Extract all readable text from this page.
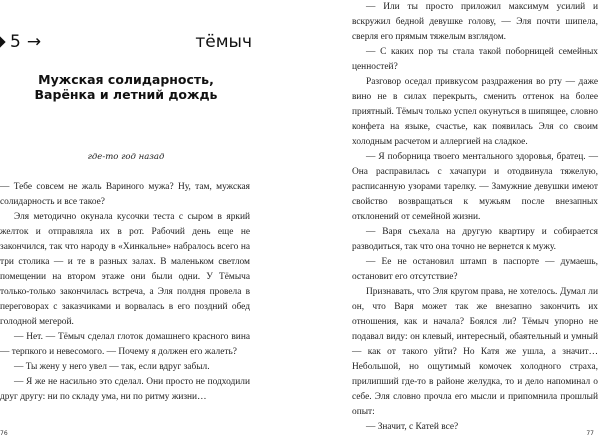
5 →	тёмыч
Мужская солидарность,
Варёнка и летний дождь
где-то год назад

— Тебе совсем не жаль Вариного мужа? Ну, там, мужская солидарность и все такое?

Эля методично окунала кусочки теста с сыром в яркий желток и отправляла их в рот. Рабочий день еще не закончился, так что народу в «Хинкальне» набралось всего на три столика — и те в разных залах. В маленьком светлом помещении на втором этаже они были одни. У Тёмыча только-только закончилась встреча, а Эля полдня провела в переговорах с заказчиками и ворвалась в его поздний обед голодной мегерой.

— Нет. — Тёмыч сделал глоток домашнего красного вина — терпкого и невесомого. — Почему я должен его жалеть?

— Ты жену у него увел — так, если вдруг забыл.

— Я же не насильно это сделал. Они просто не подходили друг другу: ни по складу ума, ни по ритму жизни…

76

— Или ты просто приложил максимум усилий и вскружил бедной девушке голову, — Эля почти шипела, сверля его прямым тяжелым взглядом.

— С каких пор ты стала такой поборницей семейных ценностей?

Разговор оседал привкусом раздражения во рту — даже вино не в силах перекрыть, сменить оттенок на более приятный. Тёмыч только успел окунуться в шипящее, словно конфета на языке, счастье, как появилась Эля со своим холодным расчетом и аллергией на сладкое.

— Я поборница твоего ментального здоровья, братец. — Она расправилась с хачапури и отодвинула тяжелую, расписанную узорами тарелку. — Замужние девушки имеют свойство возвращаться к мужьям после внезапных отклонений от семейной жизни.

— Варя съехала на другую квартиру и собирается разводиться, так что она точно не вернется к мужу.

— Ее не остановил штамп в паспорте — думаешь, остановит его отсутствие?

Признавать, что Эля кругом права, не хотелось. Думал ли он, что Варя может так же внезапно закончить их отношения, как и начала? Боялся ли? Тёмыч упорно не подавал виду: он клевый, интересный, обаятельный и умный — как от такого уйти? Но Катя же ушла, а значит… Небольшой, но ощутимый комочек холодного страха, прилипший где-то в районе желудка, то и дело напоминал о себе. Эля словно прочла его мысли и припомнила прошлый опыт:

— Значит, с Катей все?

77
